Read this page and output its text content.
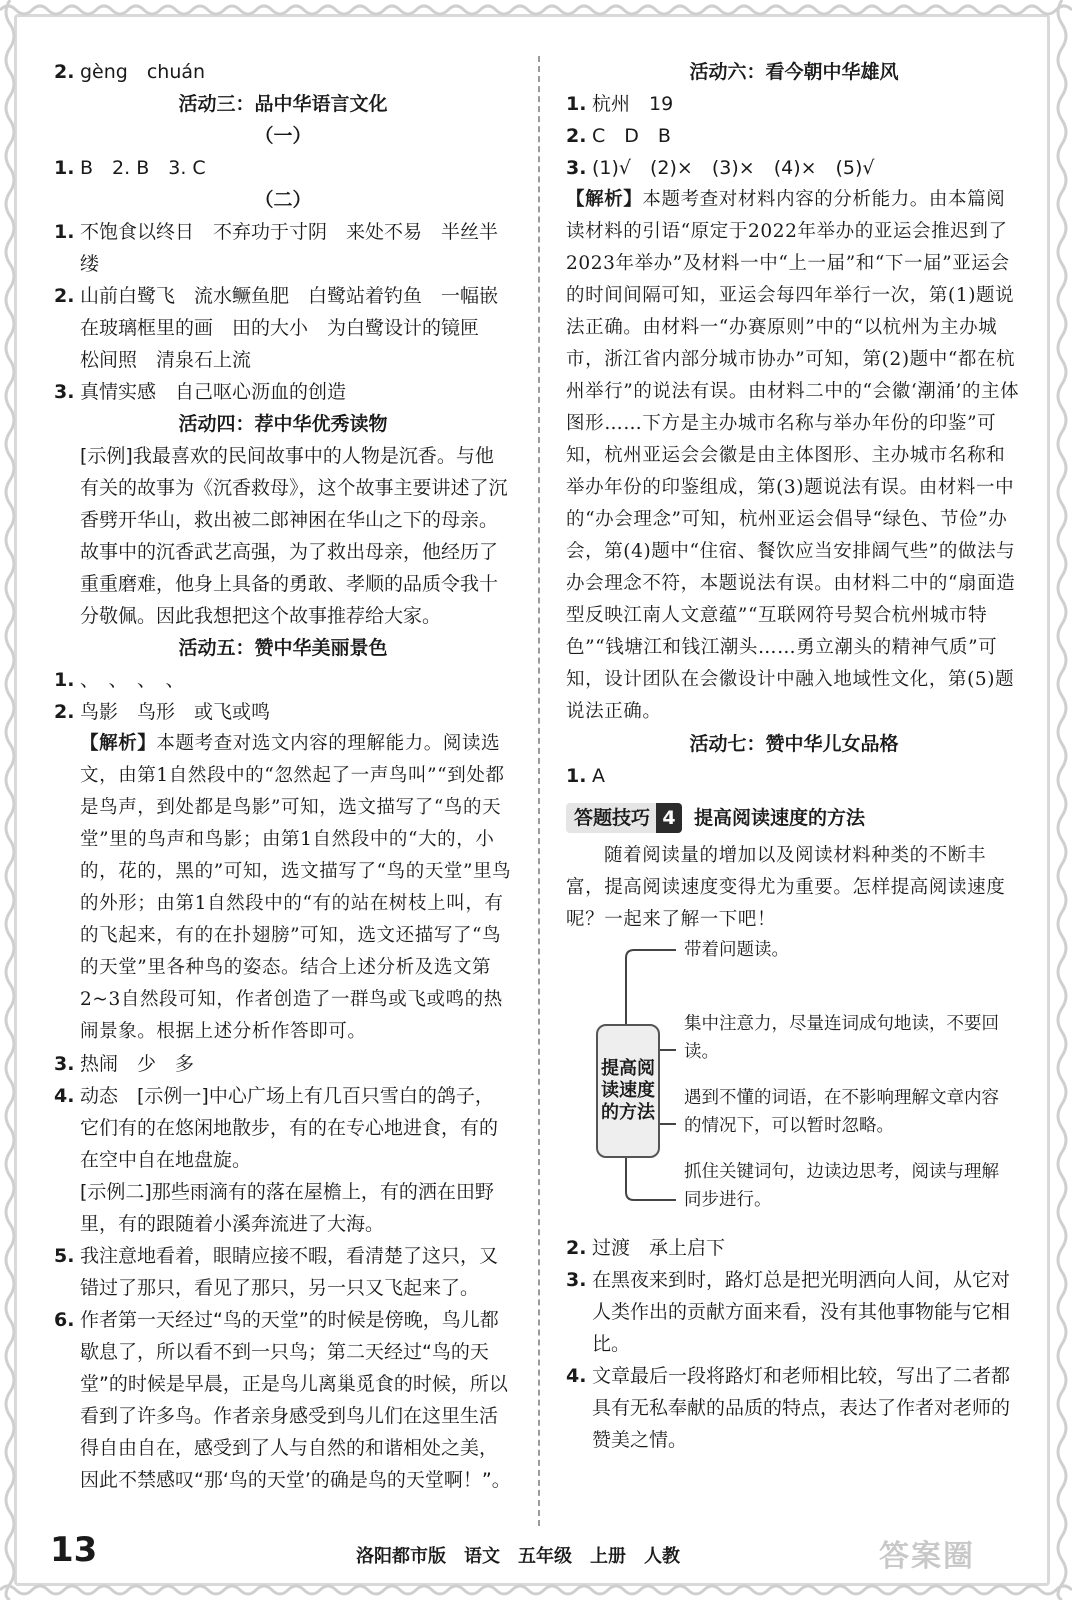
2. gèng　chuán
活动三：品中华语言文化
（一）
1. B　2. B　3. C
（二）
1. 不饱食以终日　不弃功于寸阴　来处不易　半丝半缕
2. 山前白鹭飞　流水鳜鱼肥　白鹭站着钓鱼　一幅嵌在玻璃框里的画　田的大小　为白鹭设计的镜匣　松间照　清泉石上流
3. 真情实感　自己呕心沥血的创造
活动四：荐中华优秀读物
[示例]我最喜欢的民间故事中的人物是沉香。与他有关的故事为《沉香救母》，这个故事主要讲述了沉香劈开华山，救出被二郎神困在华山之下的母亲。故事中的沉香武艺高强，为了救出母亲，他经历了重重磨难，他身上具备的勇敢、孝顺的品质令我十分敬佩。因此我想把这个故事推荐给大家。
活动五：赞中华美丽景色
1. 、　、　、　、
2. 鸟影　鸟形　或飞或鸣
【解析】本题考查对选文内容的理解能力。阅读选文，由第1自然段中的“忽然起了一声鸟叫”“到处都是鸟声，到处都是鸟影”可知，选文描写了“鸟的天堂”里的鸟声和鸟影；由第1自然段中的“大的，小的，花的，黑的”可知，选文描写了“鸟的天堂”里鸟的外形；由第1自然段中的“有的站在树枝上叫，有的飞起来，有的在扑翅膀”可知，选文还描写了“鸟的天堂”里各种鸟的姿态。结合上述分析及选文第2~3自然段可知，作者创造了一群鸟或飞或鸣的热闹景象。根据上述分析作答即可。
3. 热闹　少　多
4. 动态　[示例一]中心广场上有几百只雪白的鸽子，它们有的在悠闲地散步，有的在专心地进食，有的在空中自在地盘旋。
[示例二]那些雨滴有的落在屋檐上，有的洒在田野里，有的跟随着小溪奔流进了大海。
5. 我注意地看着，眼睛应接不暇，看清楚了这只，又错过了那只，看见了那只，另一只又飞起来了。
6. 作者第一天经过“鸟的天堂”的时候是傍晚，鸟儿都歇息了，所以看不到一只鸟；第二天经过“鸟的天堂”的时候是早晨，正是鸟儿离巢觅食的时候，所以看到了许多鸟。作者亲身感受到鸟儿们在这里生活得自由自在，感受到了人与自然的和谐相处之美，因此不禁感叹“那‘鸟的天堂’的确是鸟的天堂啊！”。
活动六：看今朝中华雄风
1. 杭州　19
2. C　D　B
3. (1)√　(2)×　(3)×　(4)×　(5)√
【解析】本题考查对材料内容的分析能力。由本篇阅读材料的引语“原定于2022年举办的亚运会推迟到了2023年举办”及材料一中“上一届”和“下一届”亚运会的时间间隔可知，亚运会每四年举行一次，第(1)题说法正确。由材料一“办赛原则”中的“以杭州为主办城市，浙江省内部分城市协办”可知，第(2)题中“都在杭州举行”的说法有误。由材料二中的“会徽‘潮涌’的主体图形……下方是主办城市名称与举办年份的印鉴”可知，杭州亚运会会徽是由主体图形、主办城市名称和举办年份的印鉴组成，第(3)题说法有误。由材料一中的“办会理念”可知，杭州亚运会倡导“绿色、节俭”办会，第(4)题中“住宿、餐饮应当安排阔气些”的做法与办会理念不符，本题说法有误。由材料二中的“扇面造型反映江南人文意蕴”“互联网符号契合杭州城市特色”“钱塘江和钱江潮头……勇立潮头的精神气质”可知，设计团队在会徽设计中融入地域性文化，第(5)题说法正确。
活动七：赞中华儿女品格
1. A
答题技巧 4 提高阅读速度的方法
随着阅读量的增加以及阅读材料种类的不断丰富，提高阅读速度变得尤为重要。怎样提高阅读速度呢？一起来了解一下吧！
提高阅读速度的方法
带着问题读。
集中注意力，尽量连词成句地读，不要回读。
遇到不懂的词语，在不影响理解文章内容的情况下，可以暂时忽略。
抓住关键词句，边读边思考，阅读与理解同步进行。
2. 过渡　承上启下
3. 在黑夜来到时，路灯总是把光明洒向人间，从它对人类作出的贡献方面来看，没有其他事物能与它相比。
4. 文章最后一段将路灯和老师相比较，写出了二者都具有无私奉献的品质的特点，表达了作者对老师的赞美之情。
13	洛阳都市版　语文　五年级　上册　人教	答案圈
